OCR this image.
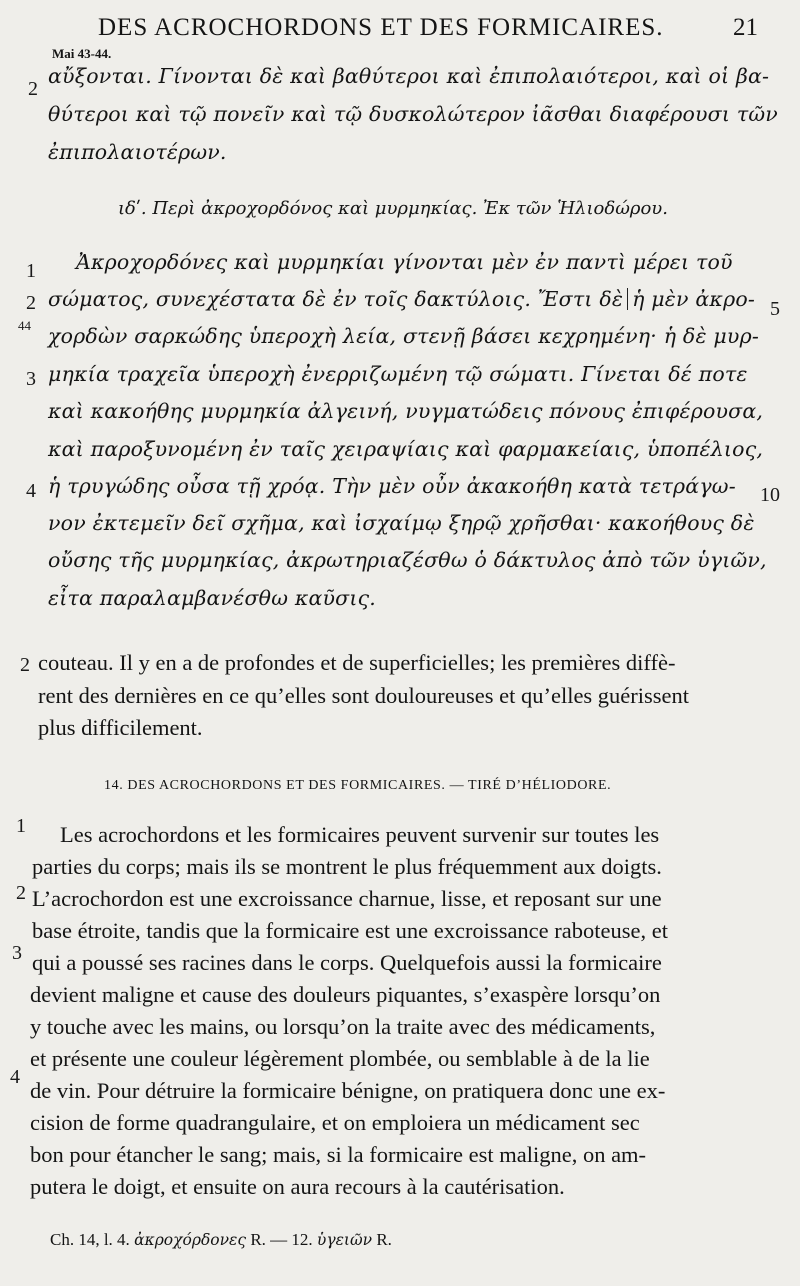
DES ACROCHORDONS ET DES FORMICAIRES.	21
Mai 43-44.
2
αὔξονται. Γίνονται δὲ καὶ βαθύτεροι καὶ ἐπιπολαιότεροι, καὶ οἱ βα-
θύτεροι καὶ τῷ πονεῖν καὶ τῷ δυσκολώτερον ἰᾶσθαι διαφέρουσι τῶν
ἐπιπολαιοτέρων.
ιδʹ. Περὶ ἀκροχορδόνος καὶ μυρμηκίας. Ἐκ τῶν Ἡλιοδώρου.
1
2
44
3
4
5
10
Ἀκροχορδόνες καὶ μυρμηκίαι γίνονται μὲν ἐν παντὶ μέρει τοῦ
σώματος, συνεχέστατα δὲ ἐν τοῖς δακτύλοις. Ἔστι δὲ ἡ μὲν ἀκρο-
χορδὼν σαρκώδης ὑπεροχὴ λεία, στενῇ βάσει κεχρημένη· ἡ δὲ μυρ-
μηκία τραχεῖα ὑπεροχὴ ἐνερριζωμένη τῷ σώματι. Γίνεται δέ ποτε
καὶ κακοήθης μυρμηκία ἀλγεινή, νυγματώδεις πόνους ἐπιφέρουσα,
καὶ παροξυνομένη ἐν ταῖς χειραψίαις καὶ φαρμακείαις, ὑποπέλιος,
ἡ τρυγώδης οὖσα τῇ χρόᾳ. Τὴν μὲν οὖν ἀκακοήθη κατὰ τετράγω-
νον ἐκτεμεῖν δεῖ σχῆμα, καὶ ἰσχαίμῳ ξηρῷ χρῆσθαι· κακοήθους δὲ
οὔσης τῆς μυρμηκίας, ἀκρωτηριαζέσθω ὁ δάκτυλος ἀπὸ τῶν ὑγιῶν,
εἶτα παραλαμβανέσθω καῦσις.
2 couteau. Il y en a de profondes et de superficielles; les premières diffè-
rent des dernières en ce qu’elles sont douloureuses et qu’elles guérissent
plus difficilement.
14. DES ACROCHORDONS ET DES FORMICAIRES. — TIRÉ D’HÉLIODORE.
1
2
3
4
Les acrochordons et les formicaires peuvent survenir sur toutes les
parties du corps; mais ils se montrent le plus fréquemment aux doigts.
L’acrochordon est une excroissance charnue, lisse, et reposant sur une
base étroite, tandis que la formicaire est une excroissance raboteuse, et
qui a poussé ses racines dans le corps. Quelquefois aussi la formicaire
devient maligne et cause des douleurs piquantes, s’exaspère lorsqu’on
y touche avec les mains, ou lorsqu’on la traite avec des médicaments,
et présente une couleur légèrement plombée, ou semblable à de la lie
de vin. Pour détruire la formicaire bénigne, on pratiquera donc une ex-
cision de forme quadrangulaire, et on emploiera un médicament sec
bon pour étancher le sang; mais, si la formicaire est maligne, on am-
putera le doigt, et ensuite on aura recours à la cautérisation.
Ch. 14, l. 4. ἀκροχόρδονες R. — 12. ὑγειῶν R.
